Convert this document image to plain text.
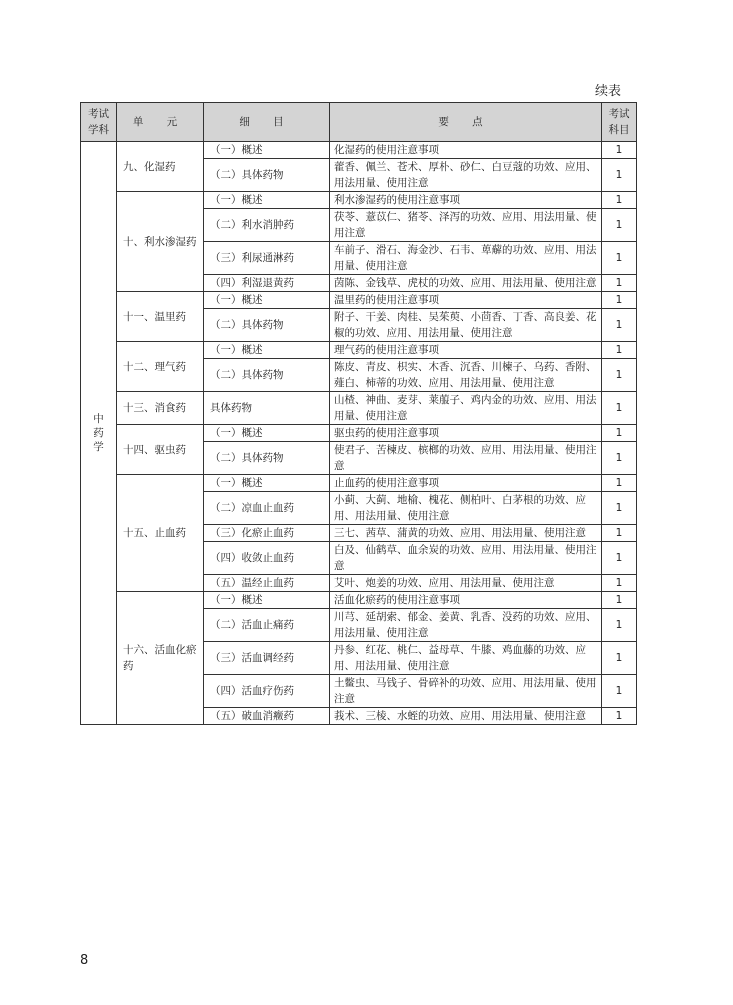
续表
考试学科	单 元	细 目	要 点	考试科目
中药学	九、化湿药	（一）概述	化湿药的使用注意事项	1
		（二）具体药物	藿香、佩兰、苍术、厚朴、砂仁、白豆蔻的功效、应用、用法用量、使用注意	1
	十、利水渗湿药	（一）概述	利水渗湿药的使用注意事项	1
		（二）利水消肿药	茯苓、薏苡仁、猪苓、泽泻的功效、应用、用法用量、使用注意	1
		（三）利尿通淋药	车前子、滑石、海金沙、石韦、萆薢的功效、应用、用法用量、使用注意	1
		（四）利湿退黄药	茵陈、金钱草、虎杖的功效、应用、用法用量、使用注意	1
	十一、温里药	（一）概述	温里药的使用注意事项	1
		（二）具体药物	附子、干姜、肉桂、吴茱萸、小茴香、丁香、高良姜、花椒的功效、应用、用法用量、使用注意	1
	十二、理气药	（一）概述	理气药的使用注意事项	1
		（二）具体药物	陈皮、青皮、枳实、木香、沉香、川楝子、乌药、香附、薤白、柿蒂的功效、应用、用法用量、使用注意	1
	十三、消食药	具体药物	山楂、神曲、麦芽、莱菔子、鸡内金的功效、应用、用法用量、使用注意	1
	十四、驱虫药	（一）概述	驱虫药的使用注意事项	1
		（二）具体药物	使君子、苦楝皮、槟榔的功效、应用、用法用量、使用注意	1
	十五、止血药	（一）概述	止血药的使用注意事项	1
		（二）凉血止血药	小蓟、大蓟、地榆、槐花、侧柏叶、白茅根的功效、应用、用法用量、使用注意	1
		（三）化瘀止血药	三七、茜草、蒲黄的功效、应用、用法用量、使用注意	1
		（四）收敛止血药	白及、仙鹤草、血余炭的功效、应用、用法用量、使用注意	1
		（五）温经止血药	艾叶、炮姜的功效、应用、用法用量、使用注意	1
	十六、活血化瘀药	（一）概述	活血化瘀药的使用注意事项	1
		（二）活血止痛药	川芎、延胡索、郁金、姜黄、乳香、没药的功效、应用、用法用量、使用注意	1
		（三）活血调经药	丹参、红花、桃仁、益母草、牛膝、鸡血藤的功效、应用、用法用量、使用注意	1
		（四）活血疗伤药	土鳖虫、马钱子、骨碎补的功效、应用、用法用量、使用注意	1
		（五）破血消癥药	莪术、三棱、水蛭的功效、应用、用法用量、使用注意	1
8
